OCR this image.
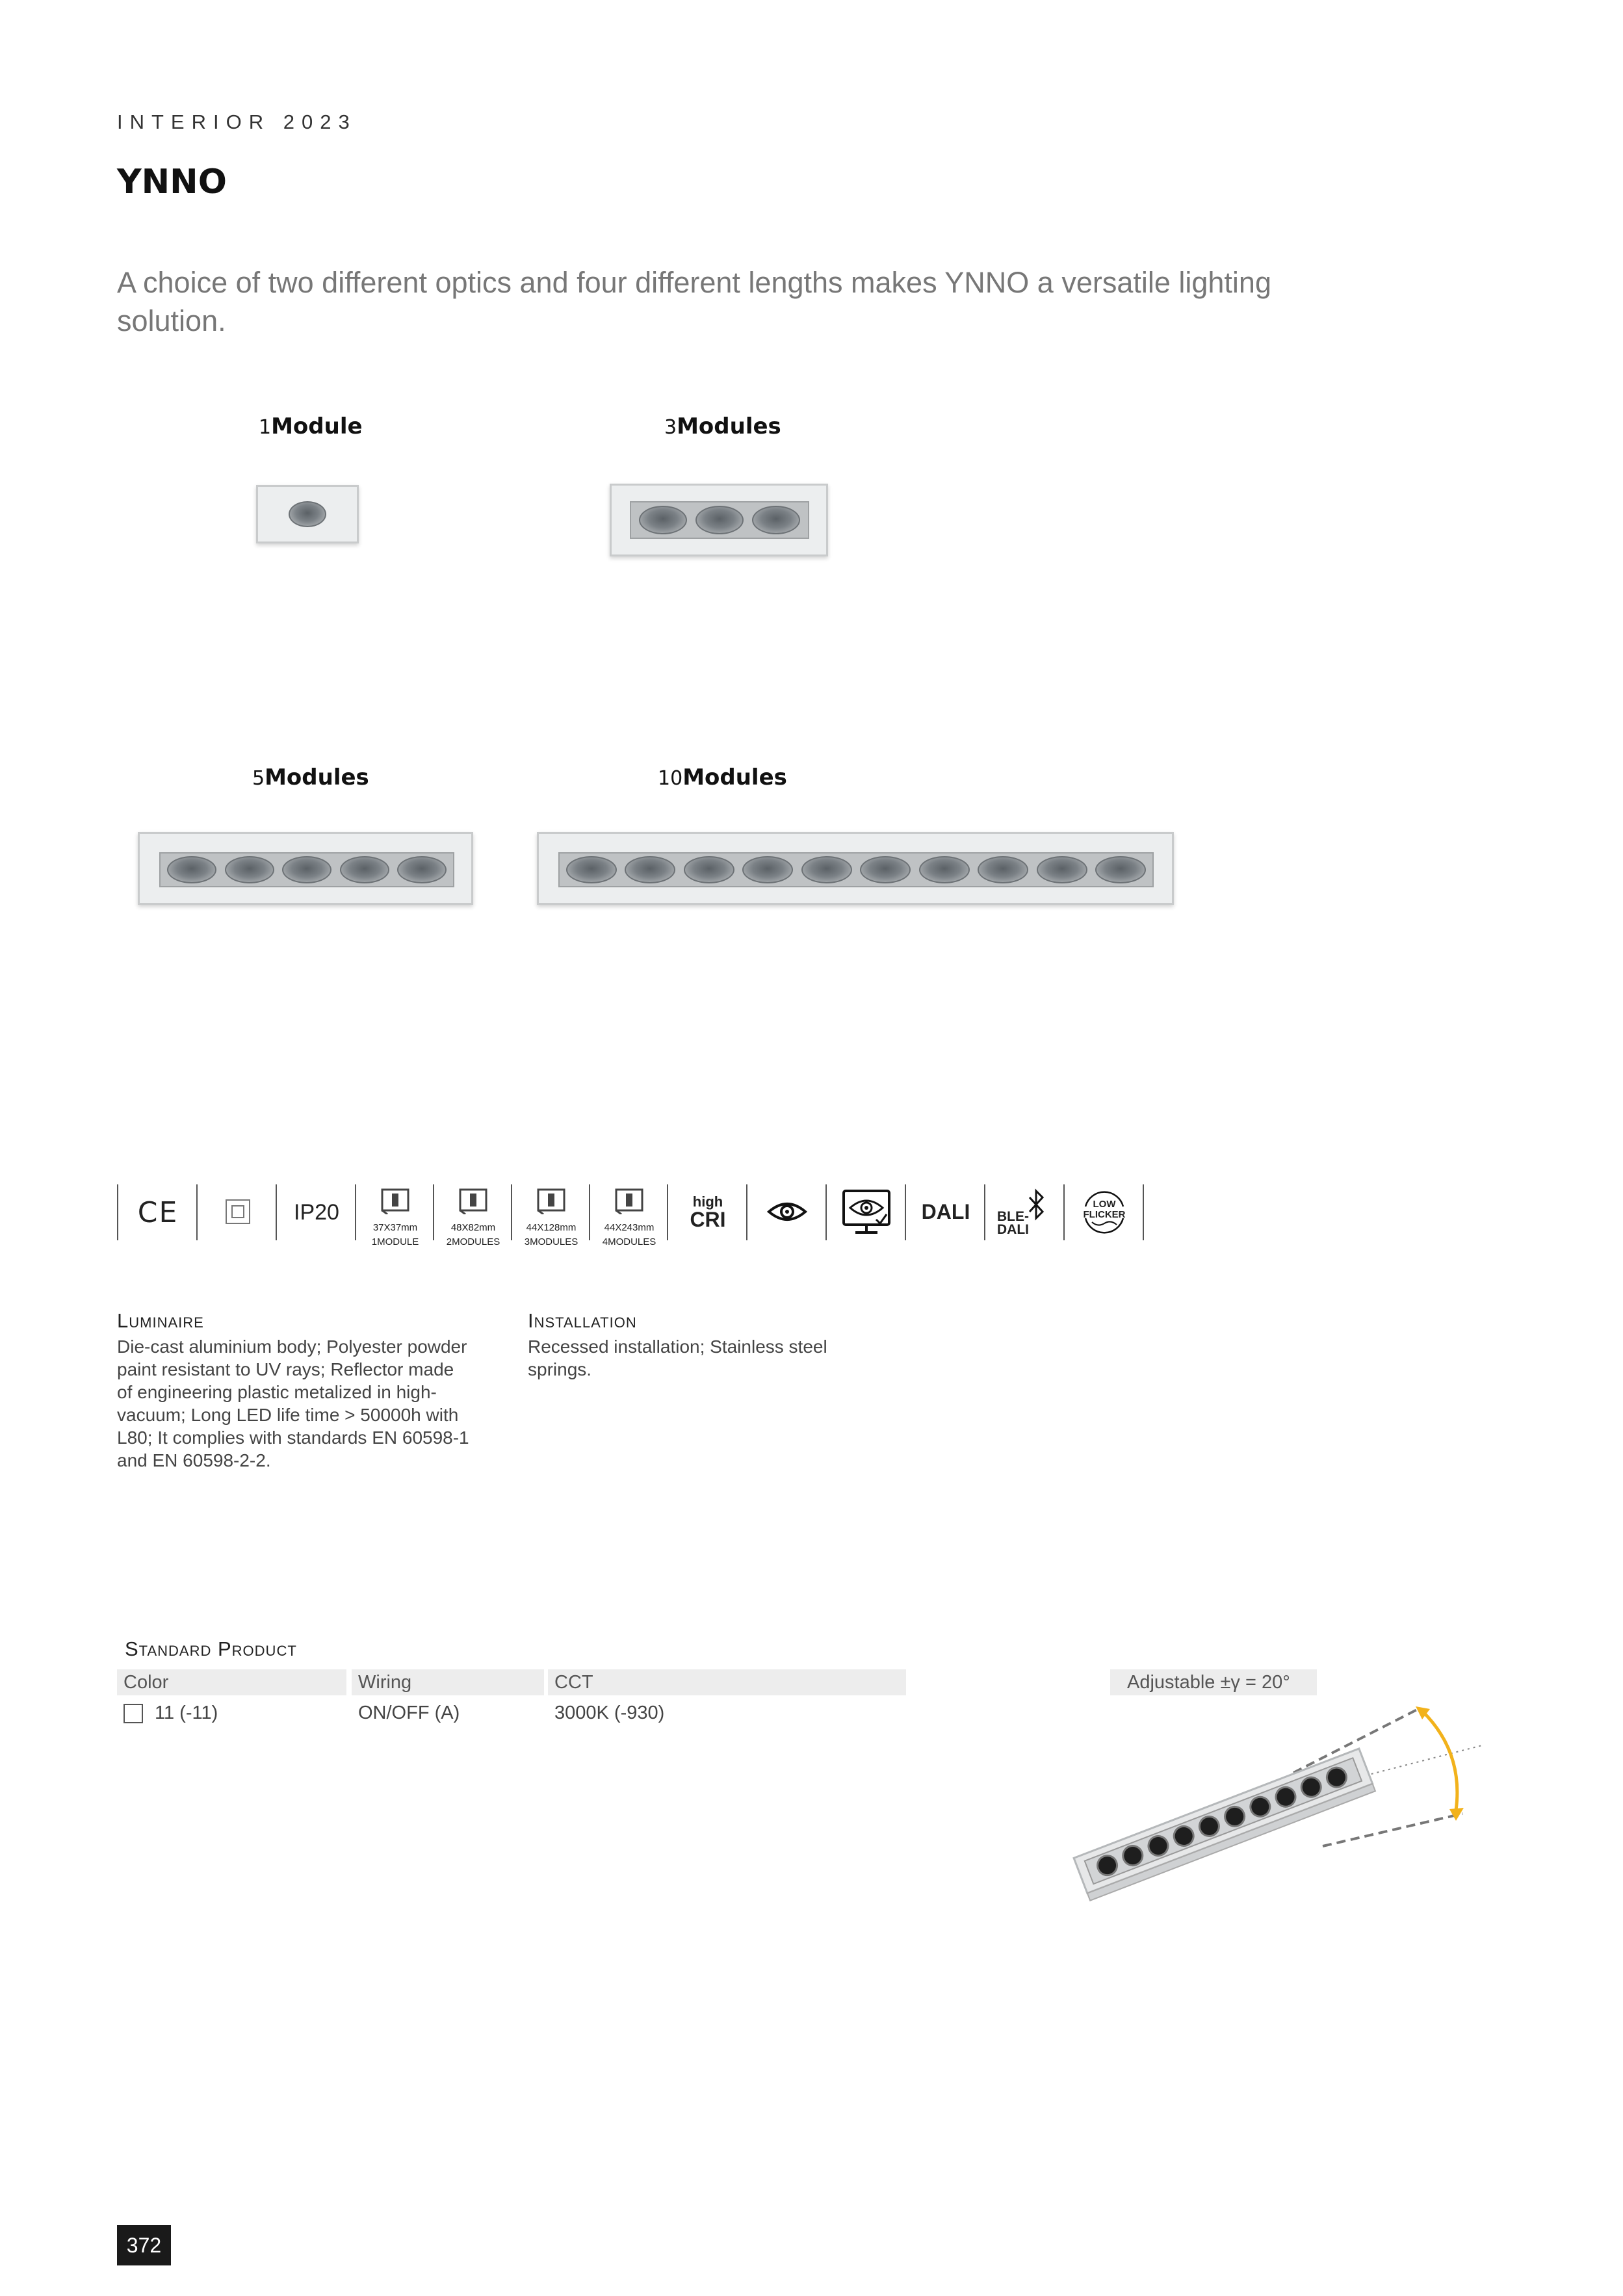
INTERIOR 2023
YNNO
A choice of two different optics and four different lengths makes YNNO a versatile lighting solution.
1Module	3Modules
5Modules	10Modules
CE	IP20
37X37mm
1MODULE
48X82mm
2MODULES
44X128mm
3MODULES
44X243mm
4MODULES
high
CRI	DALI	BLE-
DALI
LOW
FLICKER
Luminaire
Die-cast aluminium body; Polyester powder
paint resistant to UV rays; Reflector made
of engineering plastic metalized in high-
vacuum; Long LED life time > 50000h with
L80; It complies with standards EN 60598-1
and EN 60598-2-2.
Installation
Recessed installation; Stainless steel
springs.
Standard Product
Color	Wiring	CCT
11 (-11)	ON/OFF (A)	3000K (-930)
Adjustable ±γ = 20°
372
